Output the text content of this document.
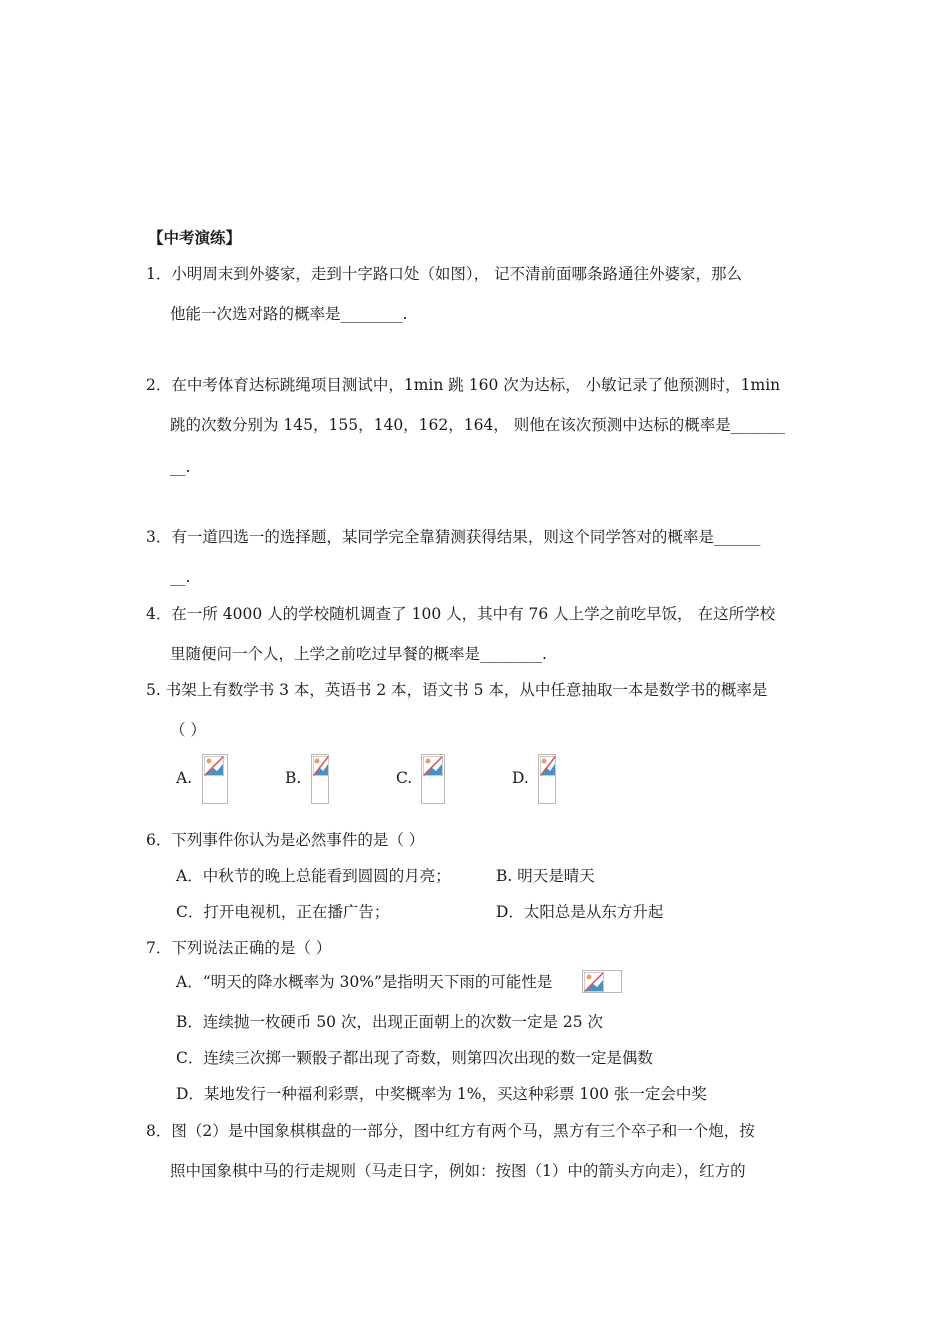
【中考演练】
1．小明周末到外婆家，走到十字路口处（如图）， 记不清前面哪条路通往外婆家，那么
他能一次选对路的概率是________.
2．在中考体育达标跳绳项目测试中，1min 跳 160 次为达标， 小敏记录了他预测时，1min
跳的次数分别为 145，155，140，162，164， 则他在该次预测中达标的概率是_______
__.
3．有一道四选一的选择题，某同学完全靠猜测获得结果，则这个同学答对的概率是______
__.
4．在一所 4000 人的学校随机调查了 100 人，其中有 76 人上学之前吃早饭， 在这所学校
里随便问一个人，上学之前吃过早餐的概率是________.
5. 书架上有数学书 3 本，英语书 2 本，语文书 5 本，从中任意抽取一本是数学书的概率是
（ ）
A.	B.	C.	D.
6．下列事件你认为是必然事件的是（ ）
A．中秋节的晚上总能看到圆圆的月亮；	B. 明天是晴天
C．打开电视机，正在播广告；	D．太阳总是从东方升起
7．下列说法正确的是（ ）
A．“明天的降水概率为 30%”是指明天下雨的可能性是
B．连续抛一枚硬币 50 次，出现正面朝上的次数一定是 25 次
C．连续三次掷一颗骰子都出现了奇数，则第四次出现的数一定是偶数
D．某地发行一种福利彩票，中奖概率为 1%，买这种彩票 100 张一定会中奖
8．图（2）是中国象棋棋盘的一部分，图中红方有两个马，黑方有三个卒子和一个炮，按
照中国象棋中马的行走规则（马走日字，例如：按图（1）中的箭头方向走），红方的
